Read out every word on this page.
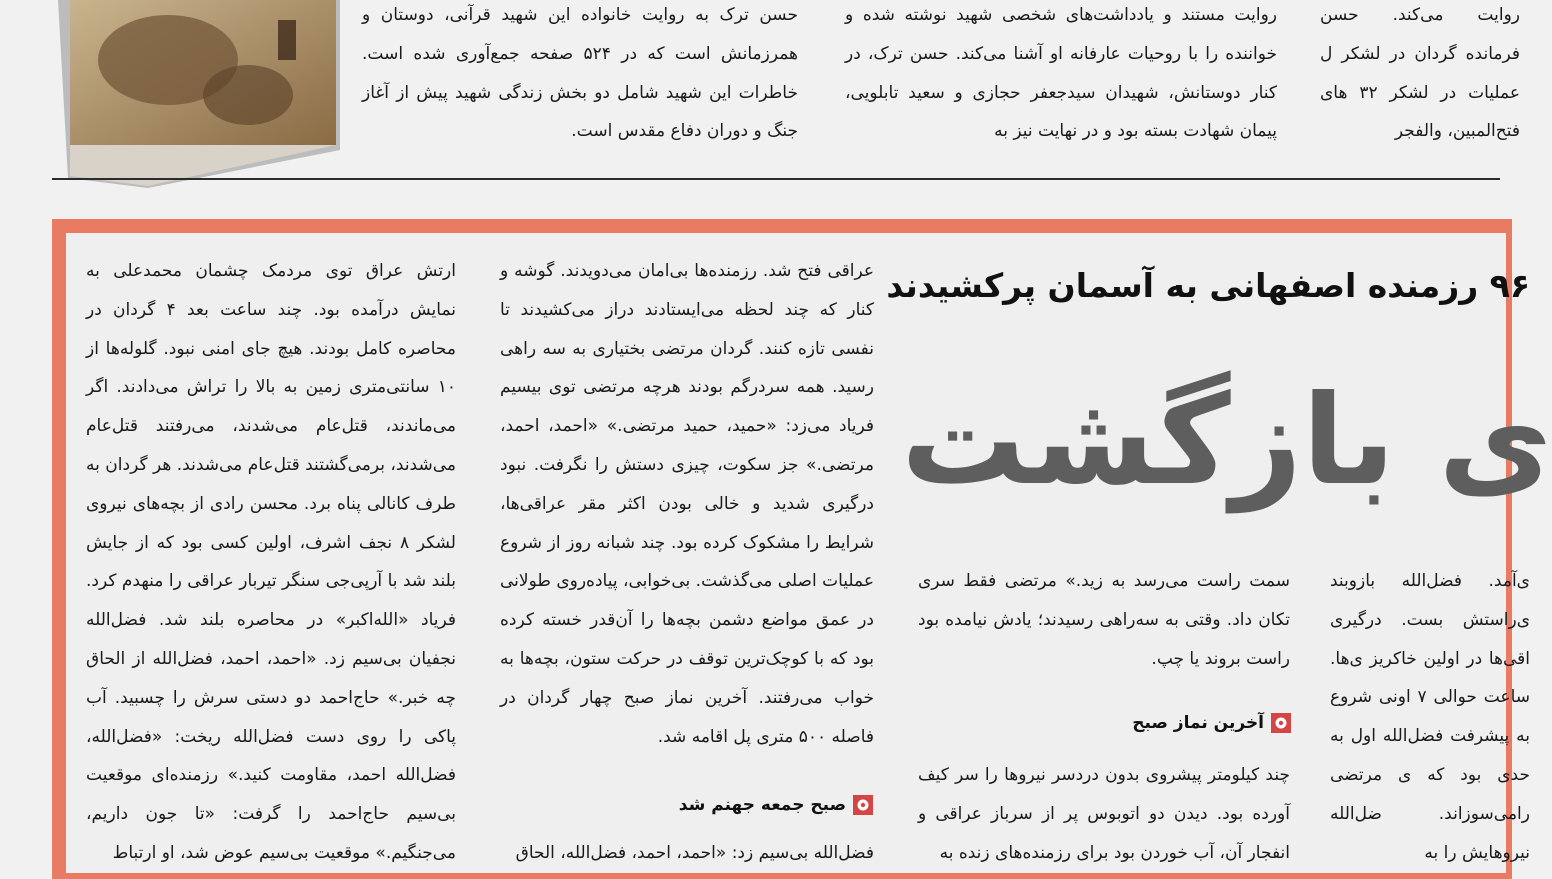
روایت می‌کند. حسن فرمانده گردان در لشکر ل عملیات در لشکر ۳۲ های فتح‌المبین، والفجر

روایت مستند و یادداشت‌های شخصی شهید نوشته شده و خواننده را با روحیات عارفانه او آشنا می‌کند. حسن ترک، در کنار دوستانش، شهیدان سیدجعفر حجازی و سعید تابلویی، پیمان شهادت بسته بود و در نهایت نیز به

حسن ترک به روایت خانواده این شهید قرآنی، دوستان و همرزمانش است که در ۵۲۴ صفحه جمع‌آوری شده است. خاطرات این شهید شامل دو بخش زندگی شهید پیش از آغاز جنگ و دوران دفاع مقدس است.

۹۶ رزمنده اصفهانی به آسمان پرکشیدند
ی بازگشت

ی‌آمد. فضل‌الله بازوبند ی‌راستش بست. درگیری اقی‌ها در اولین خاکریز ی‌ها. ساعت حوالی ۷ اونی شروع به پیشرفت فضل‌الله اول به حدی بود که ی مرتضی رامی‌سوزاند. ضل‌الله نیروهایش را به

سمت راست می‌رسد به زید.» مرتضی فقط سری تکان داد. وقتی به سه‌راهی رسیدند؛ یادش نیامده بود راست بروند یا چپ.

آخرین نماز صبح

چند کیلومتر پیشروی بدون دردسر نیروها را سر کیف آورده بود. دیدن دو اتوبوس پر از سرباز عراقی و انفجار آن، آب خوردن بود برای رزمنده‌های زنده به

عراقی فتح شد. رزمنده‌ها بی‌امان می‌دویدند. گوشه و کنار که چند لحظه می‌ایستادند دراز می‌کشیدند تا نفسی تازه کنند. گردان مرتضی بختیاری به سه راهی رسید. همه سردرگم بودند هرچه مرتضی توی بیسیم فریاد می‌زد: «حمید، حمید مرتضی.» «احمد، احمد، مرتضی.» جز سکوت، چیزی دستش را نگرفت. نبود درگیری شدید و خالی بودن اکثر مقر عراقی‌ها، شرایط را مشکوک کرده بود. چند شبانه روز از شروع عملیات اصلی می‌گذشت. بی‌خوابی، پیاده‌روی طولانی در عمق مواضع دشمن بچه‌ها را آن‌قدر خسته کرده بود که با کوچک‌ترین توقف در حرکت ستون، بچه‌ها به خواب می‌رفتند. آخرین نماز صبح چهار گردان در فاصله ۵۰۰ متری پل اقامه شد.

صبح جمعه جهنم شد

فضل‌الله بی‌سیم زد: «احمد، احمد، فضل‌الله، الحاق

ارتش عراق توی مردمک چشمان محمدعلی به نمایش درآمده بود. چند ساعت بعد ۴ گردان در محاصره کامل بودند. هیچ جای امنی نبود. گلوله‌ها از ۱۰ سانتی‌متری زمین به بالا را تراش می‌دادند. اگر می‌ماندند، قتل‌عام می‌شدند، می‌رفتند قتل‌عام می‌شدند، برمی‌گشتند قتل‌عام می‌شدند. هر گردان به طرف کانالی پناه برد. محسن رادی از بچه‌های نیروی لشکر ۸ نجف اشرف، اولین کسی بود که از جایش بلند شد با آرپی‌جی سنگر تیربار عراقی را منهدم کرد. فریاد «الله‌اکبر» در محاصره بلند شد. فضل‌الله نجفیان بی‌سیم زد. «احمد، احمد، فضل‌الله از الحاق چه خبر.» حاج‌احمد دو دستی سرش را چسبید. آب پاکی را روی دست فضل‌الله ریخت: «فضل‌الله، فضل‌الله احمد، مقاومت کنید.» رزمنده‌ای موقعیت بی‌سیم حاج‌احمد را گرفت: «تا جون داریم، می‌جنگیم.» موقعیت بی‌سیم عوض شد، او ارتباط
